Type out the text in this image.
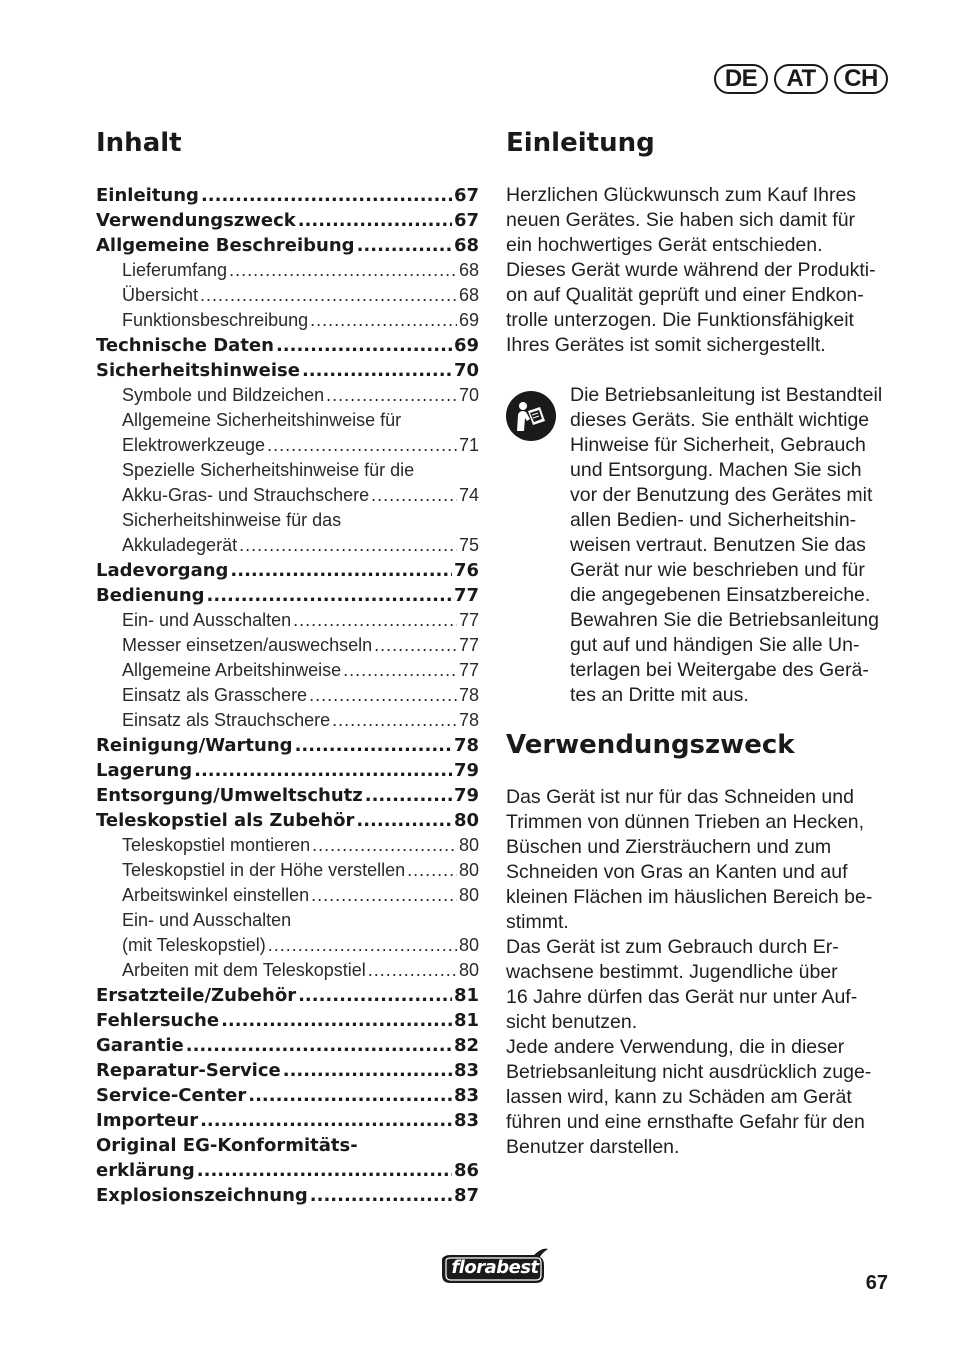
DE	AT	CH
Inhalt
Einleitung .....	67
Verwendungszweck .....	67
Allgemeine Beschreibung .....	68
Lieferumfang .....	68
Übersicht .....	68
Funktionsbeschreibung .....	69
Technische Daten .....	69
Sicherheitshinweise .....	70
Symbole und Bildzeichen .....	70
Allgemeine Sicherheitshinweise für
Elektrowerkzeuge .....	71
Spezielle Sicherheitshinweise für die
Akku-Gras- und Strauchschere .....	74
Sicherheitshinweise für das
Akkuladegerät .....	75
Ladevorgang .....	76
Bedienung .....	77
Ein- und Ausschalten .....	77
Messer einsetzen/auswechseln .....	77
Allgemeine Arbeitshinweise .....	77
Einsatz als Grasschere .....	78
Einsatz als Strauchschere .....	78
Reinigung/Wartung .....	78
Lagerung .....	79
Entsorgung/Umweltschutz .....	79
Teleskopstiel als Zubehör .....	80
Teleskopstiel montieren .....	80
Teleskopstiel in der Höhe verstellen .....	80
Arbeitswinkel einstellen .....	80
Ein- und Ausschalten
(mit Teleskopstiel) .....	80
Arbeiten mit dem Teleskopstiel .....	80
Ersatzteile/Zubehör .....	81
Fehlersuche .....	81
Garantie .....	82
Reparatur-Service .....	83
Service-Center .....	83
Importeur .....	83
Original EG-Konformitäts-
erklärung .....	86
Explosionszeichnung .....	87
Einleitung
Herzlichen Glückwunsch zum Kauf Ihres
neuen Gerätes. Sie haben sich damit für
ein hochwertiges Gerät entschieden.
Dieses Gerät wurde während der Produkti-
on auf Qualität geprüft und einer Endkon-
trolle unterzogen. Die Funktionsfähigkeit
Ihres Gerätes ist somit sichergestellt.
Die Betriebsanleitung ist Bestandteil
dieses Geräts. Sie enthält wichtige
Hinweise für Sicherheit, Gebrauch
und Entsorgung. Machen Sie sich
vor der Benutzung des Gerätes mit
allen Bedien- und Sicherheitshin-
weisen vertraut. Benutzen Sie das
Gerät nur wie beschrieben und für
die angegebenen Einsatzbereiche.
Bewahren Sie die Betriebsanleitung
gut auf und händigen Sie alle Un-
terlagen bei Weitergabe des Gerä-
tes an Dritte mit aus.
Verwendungszweck
Das Gerät ist nur für das Schneiden und
Trimmen von dünnen Trieben an Hecken,
Büschen und Ziersträuchern und zum
Schneiden von Gras an Kanten und auf
kleinen Flächen im häuslichen Bereich be-
stimmt.
Das Gerät ist zum Gebrauch durch Er-
wachsene bestimmt. Jugendliche über
16 Jahre dürfen das Gerät nur unter Auf-
sicht benutzen.
Jede andere Verwendung, die in dieser
Betriebsanleitung nicht ausdrücklich zuge-
lassen wird, kann zu Schäden am Gerät
führen und eine ernsthafte Gefahr für den
Benutzer darstellen.
florabest
67
